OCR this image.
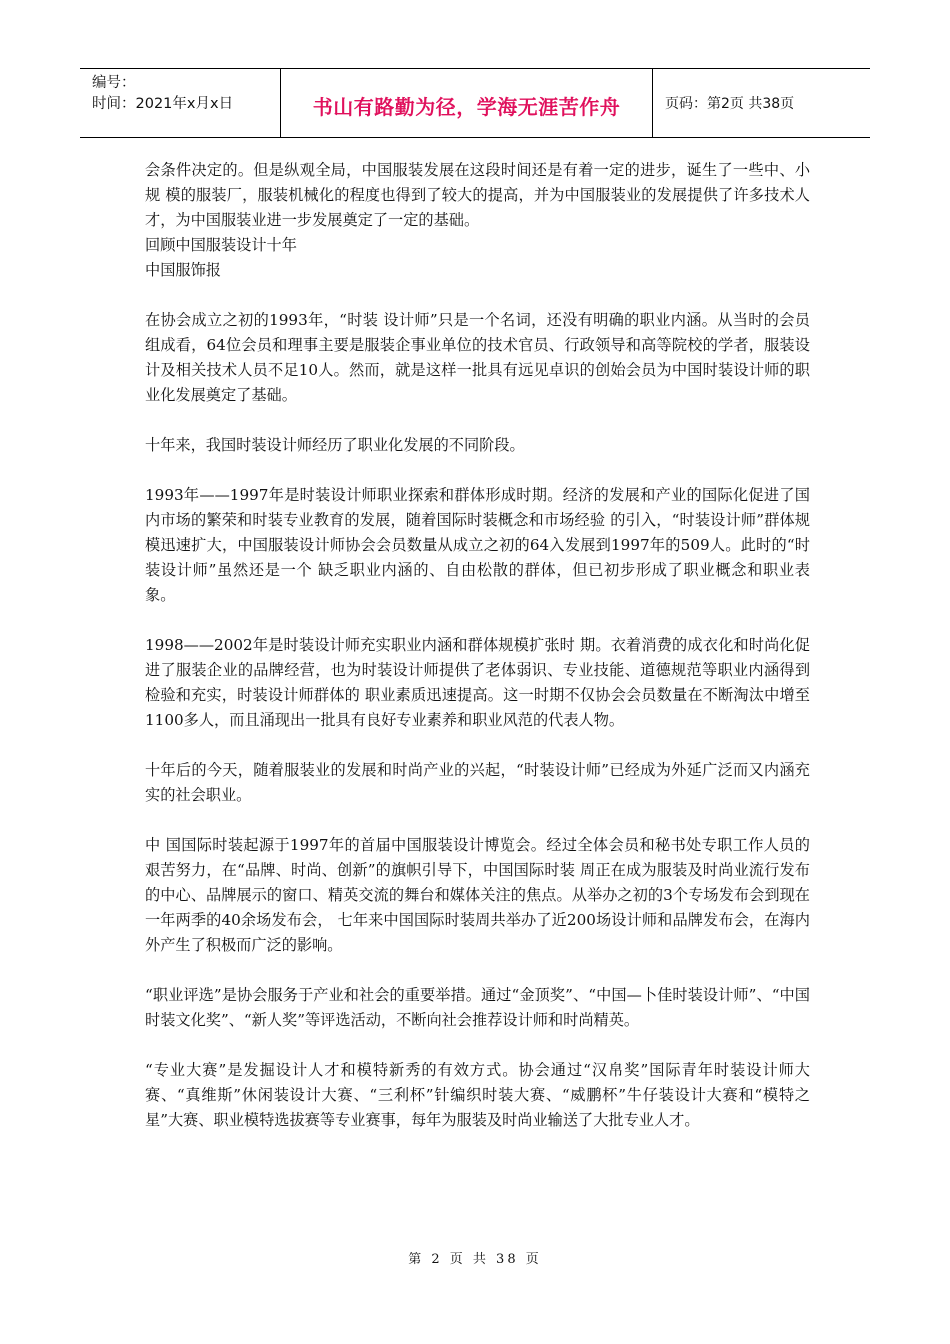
编号：
时间：2021年x月x日	书山有路勤为径，学海无涯苦作舟	页码：第2页 共38页

会条件决定的。但是纵观全局，中国服装发展在这段时间还是有着一定的进步，诞生了一些中、小规 模的服装厂，服装机械化的程度也得到了较大的提高，并为中国服装业的发展提供了许多技术人才，为中国服装业进一步发展奠定了一定的基础。

回顾中国服装设计十年

中国服饰报

在协会成立之初的1993年，“时装 设计师”只是一个名词，还没有明确的职业内涵。从当时的会员组成看，64位会员和理事主要是服装企事业单位的技术官员、行政领导和高等院校的学者，服装设 计及相关技术人员不足10人。然而，就是这样一批具有远见卓识的创始会员为中国时装设计师的职业化发展奠定了基础。

十年来，我国时装设计师经历了职业化发展的不同阶段。

1993年——1997年是时装设计师职业探索和群体形成时期。经济的发展和产业的国际化促进了国内市场的繁荣和时装专业教育的发展，随着国际时装概念和市场经验 的引入，“时装设计师”群体规模迅速扩大，中国服装设计师协会会员数量从成立之初的64入发展到1997年的509人。此时的“时装设计师”虽然还是一个 缺乏职业内涵的、自由松散的群体，但已初步形成了职业概念和职业表象。

1998——2002年是时装设计师充实职业内涵和群体规模扩张时 期。衣着消费的成衣化和时尚化促进了服装企业的品牌经营，也为时装设计师提供了老体弱识、专业技能、道德规范等职业内涵得到检验和充实，时装设计师群体的 职业素质迅速提高。这一时期不仅协会会员数量在不断淘汰中增至1100多人，而且涌现出一批具有良好专业素养和职业风范的代表人物。

十年后的今天，随着服装业的发展和时尚产业的兴起，“时装设计师”已经成为外延广泛而又内涵充实的社会职业。

中 国国际时装起源于1997年的首届中国服装设计博览会。经过全体会员和秘书处专职工作人员的艰苦努力，在“品牌、时尚、创新”的旗帜引导下，中国国际时装 周正在成为服装及时尚业流行发布的中心、品牌展示的窗口、精英交流的舞台和媒体关注的焦点。从举办之初的3个专场发布会到现在一年两季的40余场发布会， 七年来中国国际时装周共举办了近200场设计师和品牌发布会，在海内外产生了积极而广泛的影响。

“职业评选”是协会服务于产业和社会的重要举措。通过“金顶奖”、“中国—卜佳时装设计师”、“中国时装文化奖”、“新人奖”等评选活动，不断向社会推荐设计师和时尚精英。

“专业大赛”是发掘设计人才和模特新秀的有效方式。协会通过“汉帛奖”国际青年时装设计师大赛、“真维斯”休闲装设计大赛、“三利杯”针编织时装大赛、“威鹏杯”牛仔装设计大赛和“模特之星”大赛、职业模特选拔赛等专业赛事，每年为服装及时尚业输送了大批专业人才。

第 2 页 共 38 页
